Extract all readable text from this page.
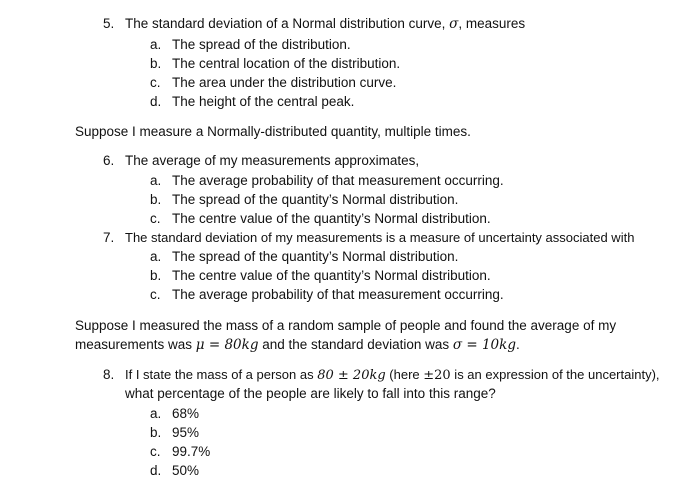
5. The standard deviation of a Normal distribution curve, σ, measures
a. The spread of the distribution.
b. The central location of the distribution.
c. The area under the distribution curve.
d. The height of the central peak.
Suppose I measure a Normally-distributed quantity, multiple times.
6. The average of my measurements approximates,
a. The average probability of that measurement occurring.
b. The spread of the quantity’s Normal distribution.
c. The centre value of the quantity’s Normal distribution.
7. The standard deviation of my measurements is a measure of uncertainty associated with
a. The spread of the quantity’s Normal distribution.
b. The centre value of the quantity’s Normal distribution.
c. The average probability of that measurement occurring.
Suppose I measured the mass of a random sample of people and found the average of my
measurements was μ = 80kg and the standard deviation was σ = 10kg.
8. If I state the mass of a person as 80 ± 20kg (here ±20 is an expression of the uncertainty),
what percentage of the people are likely to fall into this range?
a. 68%
b. 95%
c. 99.7%
d. 50%
